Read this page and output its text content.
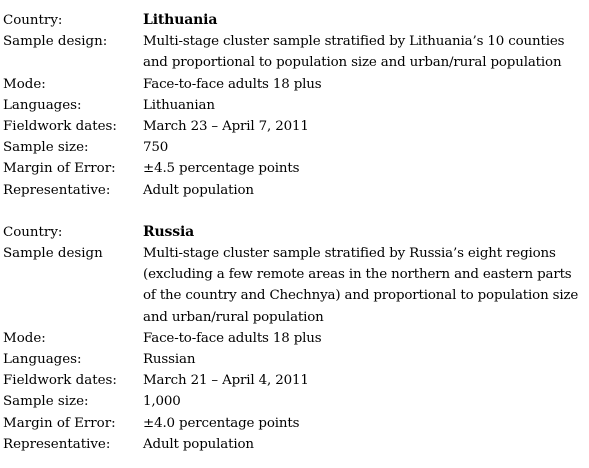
Country:	Lithuania
Sample design:	Multi-stage cluster sample stratified by Lithuania’s 10 counties and proportional to population size and urban/rural population
Mode:	Face-to-face adults 18 plus
Languages:	Lithuanian
Fieldwork dates:	March 23 – April 7, 2011
Sample size:	750
Margin of Error:	±4.5 percentage points
Representative:	Adult population
Country:	Russia
Sample design	Multi-stage cluster sample stratified by Russia’s eight regions (excluding a few remote areas in the northern and eastern parts of the country and Chechnya) and proportional to population size and urban/rural population
Mode:	Face-to-face adults 18 plus
Languages:	Russian
Fieldwork dates:	March 21 – April 4, 2011
Sample size:	1,000
Margin of Error:	±4.0 percentage points
Representative:	Adult population
